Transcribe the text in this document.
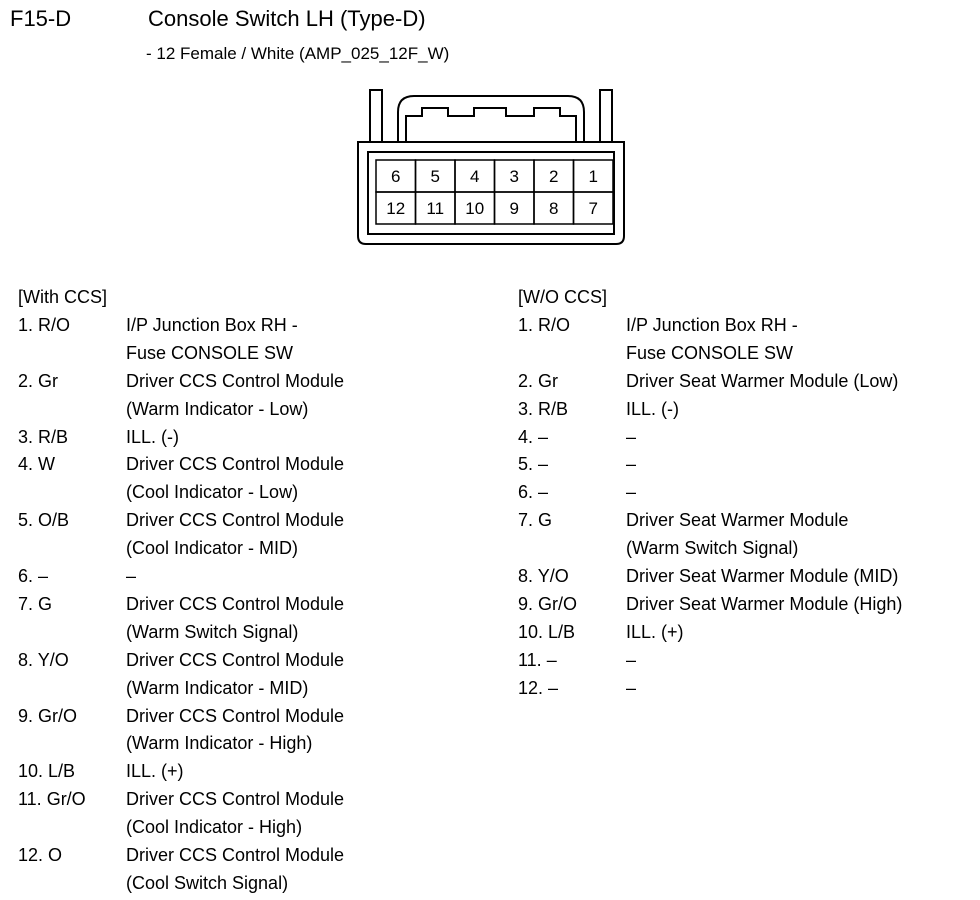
F15-D	Console Switch LH (Type-D)
- 12 Female / White (AMP_025_12F_W)
6 5 4 3 2 1
12 11 10 9 8 7
[With CCS]
1. R/O	I/P Junction Box RH -
Fuse CONSOLE SW
2. Gr	Driver CCS Control Module
(Warm Indicator - Low)
3. R/B	ILL. (-)
4. W	Driver CCS Control Module
(Cool Indicator - Low)
5. O/B	Driver CCS Control Module
(Cool Indicator - MID)
6. –	–
7. G	Driver CCS Control Module
(Warm Switch Signal)
8. Y/O	Driver CCS Control Module
(Warm Indicator - MID)
9. Gr/O	Driver CCS Control Module
(Warm Indicator - High)
10. L/B	ILL. (+)
11. Gr/O	Driver CCS Control Module
(Cool Indicator - High)
12. O	Driver CCS Control Module
(Cool Switch Signal)
[W/O CCS]
1. R/O	I/P Junction Box RH -
Fuse CONSOLE SW
2. Gr	Driver Seat Warmer Module (Low)
3. R/B	ILL. (-)
4. –	–
5. –	–
6. –	–
7. G	Driver Seat Warmer Module
(Warm Switch Signal)
8. Y/O	Driver Seat Warmer Module (MID)
9. Gr/O	Driver Seat Warmer Module (High)
10. L/B	ILL. (+)
11. –	–
12. –	–
